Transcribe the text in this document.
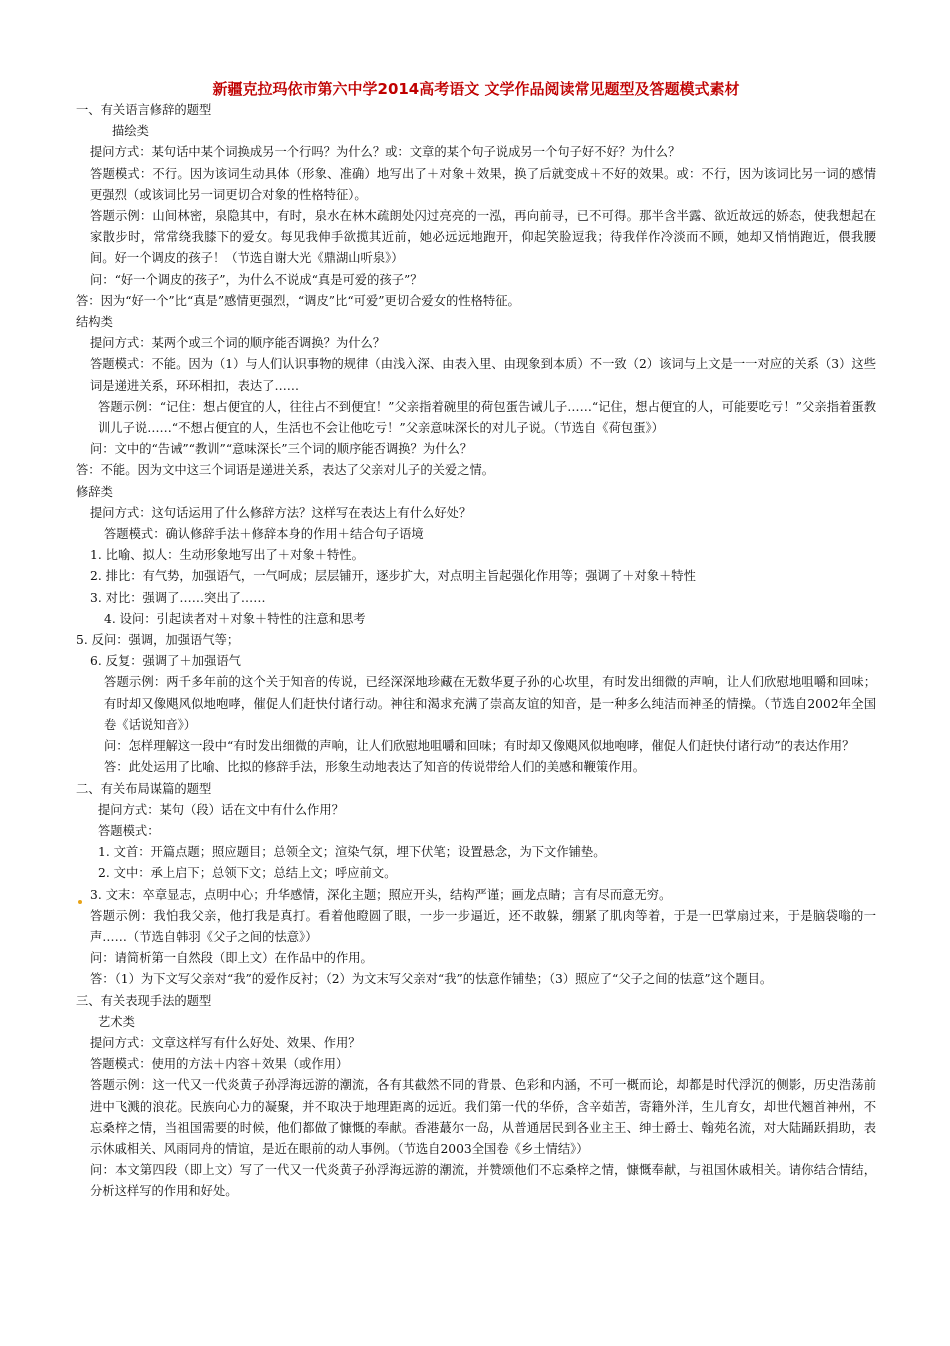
新疆克拉玛依市第六中学2014高考语文 文学作品阅读常见题型及答题模式素材

一、有关语言修辞的题型

描绘类

提问方式：某句话中某个词换成另一个行吗？为什么？或：文章的某个句子说成另一个句子好不好？为什么？

答题模式：不行。因为该词生动具体（形象、准确）地写出了＋对象＋效果，换了后就变成＋不好的效果。或：不行，因为该词比另一词的感情更强烈（或该词比另一词更切合对象的性格特征）。

答题示例：山间林密，泉隐其中，有时，泉水在林木疏朗处闪过亮亮的一泓，再向前寻，已不可得。那半含半露、欲近故远的娇态，使我想起在家散步时，常常绕我膝下的爱女。每见我伸手欲揽其近前，她必远远地跑开，仰起笑脸逗我；待我佯作冷淡而不顾，她却又悄悄跑近，偎我腰间。好一个调皮的孩子！（节选自谢大光《鼎湖山听泉》）

问：“好一个调皮的孩子”，为什么不说成“真是可爱的孩子”？

答：因为“好一个”比“真是”感情更强烈，“调皮”比“可爱”更切合爱女的性格特征。

结构类

提问方式：某两个或三个词的顺序能否调换？为什么？

答题模式：不能。因为（1）与人们认识事物的规律（由浅入深、由表入里、由现象到本质）不一致（2）该词与上文是一一对应的关系（3）这些词是递进关系，环环相扣，表达了……

答题示例：“记住：想占便宜的人，往往占不到便宜！”父亲指着碗里的荷包蛋告诫儿子……“记住，想占便宜的人，可能要吃亏！”父亲指着蛋教训儿子说……“不想占便宜的人，生活也不会让他吃亏！”父亲意味深长的对儿子说。（节选自《荷包蛋》）

问：文中的“告诫”“教训”“意味深长”三个词的顺序能否调换？为什么？

答：不能。因为文中这三个词语是递进关系，表达了父亲对儿子的关爱之情。

修辞类

提问方式：这句话运用了什么修辞方法？这样写在表达上有什么好处？

答题模式：确认修辞手法＋修辞本身的作用＋结合句子语境

1. 比喻、拟人：生动形象地写出了＋对象＋特性。

2. 排比：有气势，加强语气，一气呵成；层层铺开，逐步扩大，对点明主旨起强化作用等；强调了＋对象＋特性

3. 对比：强调了……突出了……

4. 设问：引起读者对＋对象＋特性的注意和思考

5. 反问：强调，加强语气等；

6. 反复：强调了＋加强语气

答题示例：两千多年前的这个关于知音的传说，已经深深地珍藏在无数华夏子孙的心坎里，有时发出细微的声响，让人们欣慰地咀嚼和回味；有时却又像飓风似地咆哮，催促人们赶快付诸行动。神往和渴求充满了崇高友谊的知音，是一种多么纯洁而神圣的情操。（节选自2002年全国卷《话说知音》）

问：怎样理解这一段中“有时发出细微的声响，让人们欣慰地咀嚼和回味；有时却又像飓风似地咆哮，催促人们赶快付诸行动”的表达作用？

答：此处运用了比喻、比拟的修辞手法，形象生动地表达了知音的传说带给人们的美感和鞭策作用。

二、有关布局谋篇的题型

提问方式：某句（段）话在文中有什么作用？

答题模式：

1. 文首：开篇点题；照应题目；总领全文；渲染气氛，埋下伏笔；设置悬念，为下文作铺垫。

2. 文中：承上启下；总领下文；总结上文；呼应前文。

3. 文末：卒章显志，点明中心；升华感情，深化主题；照应开头，结构严谨；画龙点睛；言有尽而意无穷。

答题示例：我怕我父亲，他打我是真打。看着他瞪圆了眼，一步一步逼近，还不敢躲，绷紧了肌肉等着，于是一巴掌扇过来，于是脑袋嗡的一声……（节选自韩羽《父子之间的怯意》）

问：请简析第一自然段（即上文）在作品中的作用。

答：（1）为下文写父亲对“我”的爱作反衬；（2）为文末写父亲对“我”的怯意作铺垫；（3）照应了“父子之间的怯意”这个题目。

三、有关表现手法的题型

艺术类

提问方式：文章这样写有什么好处、效果、作用？

答题模式：使用的方法＋内容＋效果（或作用）

答题示例：这一代又一代炎黄子孙浮海远游的潮流，各有其截然不同的背景、色彩和内涵，不可一概而论，却都是时代浮沉的侧影，历史浩荡前进中飞溅的浪花。民族向心力的凝聚，并不取决于地理距离的远近。我们第一代的华侨，含辛茹苦，寄籍外洋，生儿育女，却世代翘首神州，不忘桑梓之情，当祖国需要的时候，他们都做了慷慨的奉献。香港蕞尔一岛，从普通居民到各业主王、绅士爵士、翰苑名流，对大陆踊跃捐助，表示休戚相关、风雨同舟的情谊，是近在眼前的动人事例。（节选自2003全国卷《乡土情结》）

问：本文第四段（即上文）写了一代又一代炎黄子孙浮海远游的潮流，并赞颂他们不忘桑梓之情，慷慨奉献，与祖国休戚相关。请你结合情结，分析这样写的作用和好处。
